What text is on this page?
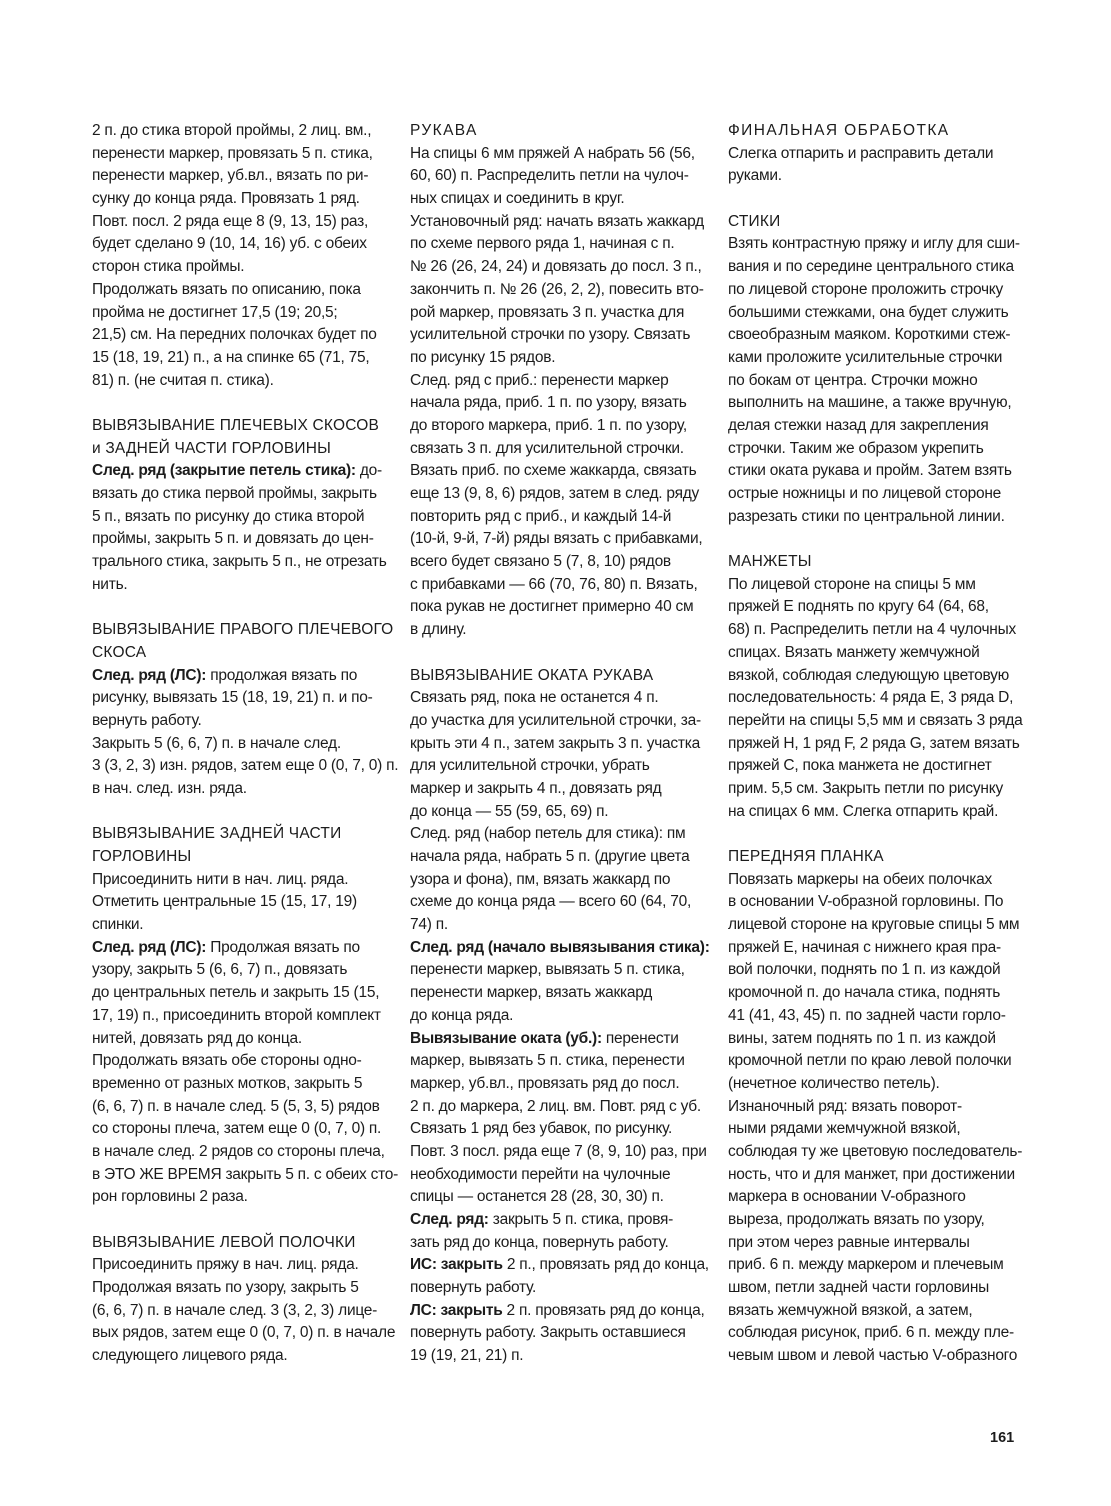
2 п. до стика второй проймы, 2 лиц. вм.,
перенести маркер, провязать 5 п. стика,
перенести маркер, уб.вл., вязать по ри-
сунку до конца ряда. Провязать 1 ряд.
Повт. посл. 2 ряда еще 8 (9, 13, 15) раз,
будет сделано 9 (10, 14, 16) уб. с обеих
сторон стика проймы.
Продолжать вязать по описанию, пока
пройма не достигнет 17,5 (19; 20,5;
21,5) см. На передних полочках будет по
15 (18, 19, 21) п., а на спинке 65 (71, 75,
81) п. (не считая п. стика).
ВЫВЯЗЫВАНИЕ ПЛЕЧЕВЫХ СКОСОВ
и ЗАДНЕЙ ЧАСТИ ГОРЛОВИНЫ
След. ряд (закрытие петель стика): до-
вязать до стика первой проймы, закрыть
5 п., вязать по рисунку до стика второй
проймы, закрыть 5 п. и довязать до цен-
трального стика, закрыть 5 п., не отрезать
нить.
ВЫВЯЗЫВАНИЕ ПРАВОГО ПЛЕЧЕВОГО
СКОСА
След. ряд (ЛС): продолжая вязать по
рисунку, вывязать 15 (18, 19, 21) п. и по-
вернуть работу.
Закрыть 5 (6, 6, 7) п. в начале след.
3 (3, 2, 3) изн. рядов, затем еще 0 (0, 7, 0) п.
в нач. след. изн. ряда.
ВЫВЯЗЫВАНИЕ ЗАДНЕЙ ЧАСТИ
ГОРЛОВИНЫ
Присоединить нити в нач. лиц. ряда.
Отметить центральные 15 (15, 17, 19)
спинки.
След. ряд (ЛС): Продолжая вязать по
узору, закрыть 5 (6, 6, 7) п., довязать
до центральных петель и закрыть 15 (15,
17, 19) п., присоединить второй комплект
нитей, довязать ряд до конца.
Продолжать вязать обе стороны одно-
временно от разных мотков, закрыть 5
(6, 6, 7) п. в начале след. 5 (5, 3, 5) рядов
со стороны плеча, затем еще 0 (0, 7, 0) п.
в начале след. 2 рядов со стороны плеча,
в ЭТО ЖЕ ВРЕМЯ закрыть 5 п. с обеих сто-
рон горловины 2 раза.
ВЫВЯЗЫВАНИЕ ЛЕВОЙ ПОЛОЧКИ
Присоединить пряжу в нач. лиц. ряда.
Продолжая вязать по узору, закрыть 5
(6, 6, 7) п. в начале след. 3 (3, 2, 3) лице-
вых рядов, затем еще 0 (0, 7, 0) п. в начале
следующего лицевого ряда.
РУКАВА
На спицы 6 мм пряжей А набрать 56 (56,
60, 60) п. Распределить петли на чулоч-
ных спицах и соединить в круг.
Установочный ряд: начать вязать жаккард
по схеме первого ряда 1, начиная с п.
№ 26 (26, 24, 24) и довязать до посл. 3 п.,
закончить п. № 26 (26, 2, 2), повесить вто-
рой маркер, провязать 3 п. участка для
усилительной строчки по узору. Связать
по рисунку 15 рядов.
След. ряд с приб.: перенести маркер
начала ряда, приб. 1 п. по узору, вязать
до второго маркера, приб. 1 п. по узору,
связать 3 п. для усилительной строчки.
Вязать приб. по схеме жаккарда, связать
еще 13 (9, 8, 6) рядов, затем в след. ряду
повторить ряд с приб., и каждый 14-й
(10-й, 9-й, 7-й) ряды вязать с прибавками,
всего будет связано 5 (7, 8, 10) рядов
с прибавками — 66 (70, 76, 80) п. Вязать,
пока рукав не достигнет примерно 40 см
в длину.
ВЫВЯЗЫВАНИЕ ОКАТА РУКАВА
Связать ряд, пока не останется 4 п.
до участка для усилительной строчки, за-
крыть эти 4 п., затем закрыть 3 п. участка
для усилительной строчки, убрать
маркер и закрыть 4 п., довязать ряд
до конца — 55 (59, 65, 69) п.
След. ряд (набор петель для стика): пм
начала ряда, набрать 5 п. (другие цвета
узора и фона), пм, вязать жаккард по
схеме до конца ряда — всего 60 (64, 70,
74) п.
След. ряд (начало вывязывания стика):
перенести маркер, вывязать 5 п. стика,
перенести маркер, вязать жаккард
до конца ряда.
Вывязывание оката (уб.): перенести
маркер, вывязать 5 п. стика, перенести
маркер, уб.вл., провязать ряд до посл.
2 п. до маркера, 2 лиц. вм. Повт. ряд с уб.
Связать 1 ряд без убавок, по рисунку.
Повт. 3 посл. ряда еще 7 (8, 9, 10) раз, при
необходимости перейти на чулочные
спицы — останется 28 (28, 30, 30) п.
След. ряд: закрыть 5 п. стика, провя-
зать ряд до конца, повернуть работу.
ИС: закрыть 2 п., провязать ряд до конца,
повернуть работу.
ЛС: закрыть 2 п. провязать ряд до конца,
повернуть работу. Закрыть оставшиеся
19 (19, 21, 21) п.
ФИНАЛЬНАЯ ОБРАБОТКА
Слегка отпарить и расправить детали
руками.
СТИКИ
Взять контрастную пряжу и иглу для сши-
вания и по середине центрального стика
по лицевой стороне проложить строчку
большими стежками, она будет служить
своеобразным маяком. Короткими стеж-
ками проложите усилительные строчки
по бокам от центра. Строчки можно
выполнить на машине, а также вручную,
делая стежки назад для закрепления
строчки. Таким же образом укрепить
стики оката рукава и пройм. Затем взять
острые ножницы и по лицевой стороне
разрезать стики по центральной линии.
МАНЖЕТЫ
По лицевой стороне на спицы 5 мм
пряжей Е поднять по кругу 64 (64, 68,
68) п. Распределить петли на 4 чулочных
спицах. Вязать манжету жемчужной
вязкой, соблюдая следующую цветовую
последовательность: 4 ряда E, 3 ряда D,
перейти на спицы 5,5 мм и связать 3 ряда
пряжей H, 1 ряд F, 2 ряда G, затем вязать
пряжей С, пока манжета не достигнет
прим. 5,5 см. Закрыть петли по рисунку
на спицах 6 мм. Слегка отпарить край.
ПЕРЕДНЯЯ ПЛАНКА
Повязать маркеры на обеих полочках
в основании V-образной горловины. По
лицевой стороне на круговые спицы 5 мм
пряжей Е, начиная с нижнего края пра-
вой полочки, поднять по 1 п. из каждой
кромочной п. до начала стика, поднять
41 (41, 43, 45) п. по задней части горло-
вины, затем поднять по 1 п. из каждой
кромочной петли по краю левой полочки
(нечетное количество петель).
Изнаночный ряд: вязать поворот-
ными рядами жемчужной вязкой,
соблюдая ту же цветовую последователь-
ность, что и для манжет, при достижении
маркера в основании V-образного
выреза, продолжать вязать по узору,
при этом через равные интервалы
приб. 6 п. между маркером и плечевым
швом, петли задней части горловины
вязать жемчужной вязкой, а затем,
соблюдая рисунок, приб. 6 п. между пле-
чевым швом и левой частью V-образного
161
